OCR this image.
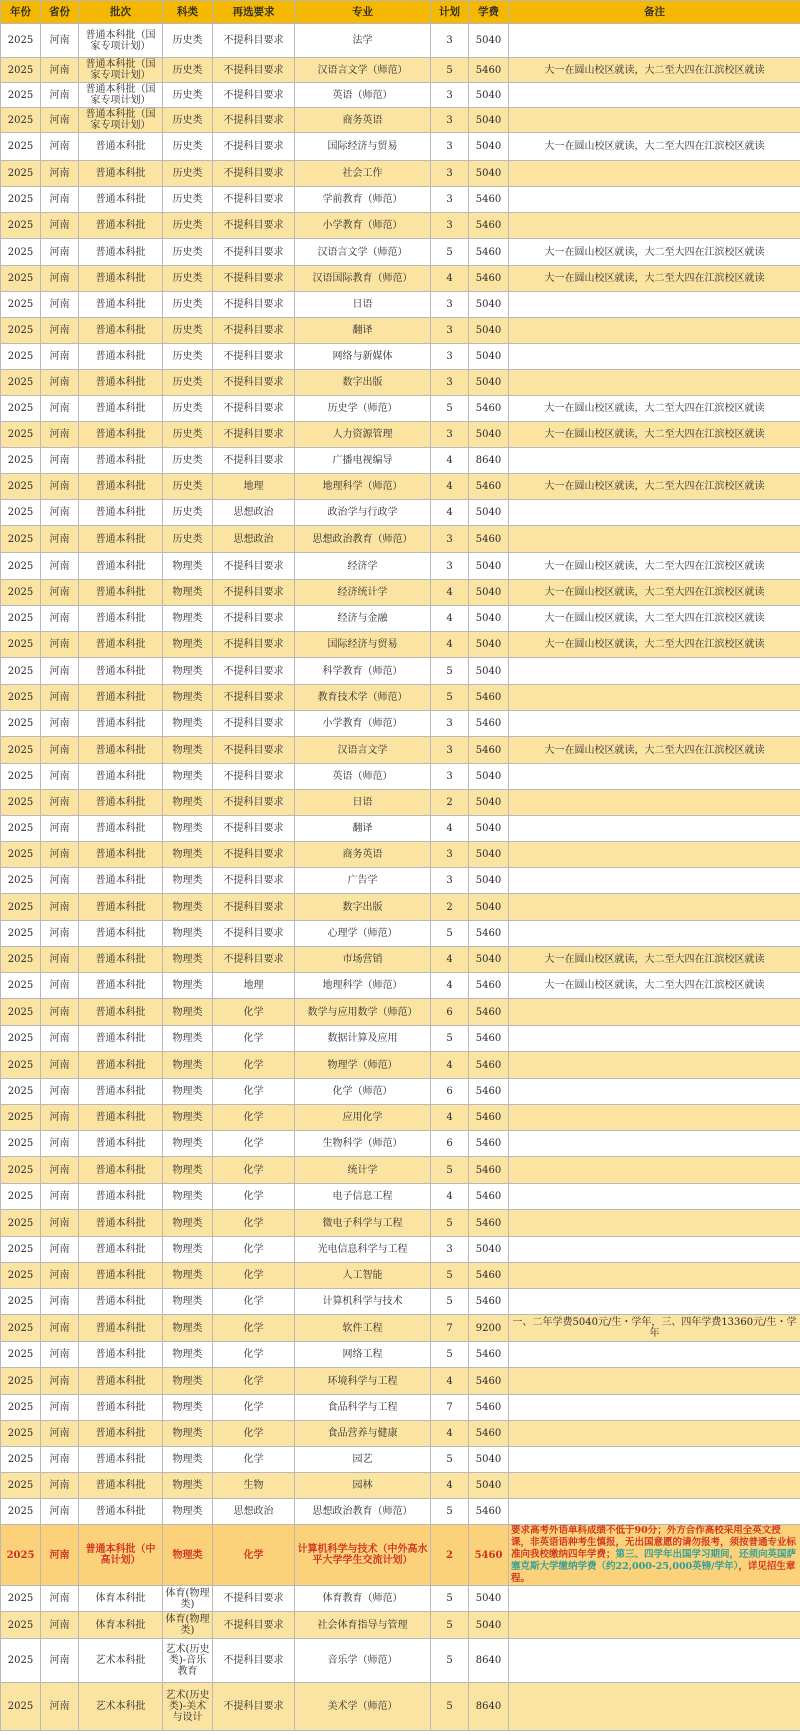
年份	省份	批次	科类	再选要求	专业	计划	学费	备注
2025	河南	普通本科批（国家专项计划）	历史类	不提科目要求	法学	3	5040	
2025	河南	普通本科批（国家专项计划）	历史类	不提科目要求	汉语言文学（师范）	5	5460	大一在圆山校区就读，大二至大四在江滨校区就读
2025	河南	普通本科批（国家专项计划）	历史类	不提科目要求	英语（师范）	3	5040	
2025	河南	普通本科批（国家专项计划）	历史类	不提科目要求	商务英语	3	5040	
2025	河南	普通本科批	历史类	不提科目要求	国际经济与贸易	3	5040	大一在圆山校区就读，大二至大四在江滨校区就读
2025	河南	普通本科批	历史类	不提科目要求	社会工作	3	5040	
2025	河南	普通本科批	历史类	不提科目要求	学前教育（师范）	3	5460	
2025	河南	普通本科批	历史类	不提科目要求	小学教育（师范）	3	5460	
2025	河南	普通本科批	历史类	不提科目要求	汉语言文学（师范）	5	5460	大一在圆山校区就读，大二至大四在江滨校区就读
2025	河南	普通本科批	历史类	不提科目要求	汉语国际教育（师范）	4	5460	大一在圆山校区就读，大二至大四在江滨校区就读
2025	河南	普通本科批	历史类	不提科目要求	日语	3	5040	
2025	河南	普通本科批	历史类	不提科目要求	翻译	3	5040	
2025	河南	普通本科批	历史类	不提科目要求	网络与新媒体	3	5040	
2025	河南	普通本科批	历史类	不提科目要求	数字出版	3	5040	
2025	河南	普通本科批	历史类	不提科目要求	历史学（师范）	5	5460	大一在圆山校区就读，大二至大四在江滨校区就读
2025	河南	普通本科批	历史类	不提科目要求	人力资源管理	3	5040	大一在圆山校区就读，大二至大四在江滨校区就读
2025	河南	普通本科批	历史类	不提科目要求	广播电视编导	4	8640	
2025	河南	普通本科批	历史类	地理	地理科学（师范）	4	5460	大一在圆山校区就读，大二至大四在江滨校区就读
2025	河南	普通本科批	历史类	思想政治	政治学与行政学	4	5040	
2025	河南	普通本科批	历史类	思想政治	思想政治教育（师范）	3	5460	
2025	河南	普通本科批	物理类	不提科目要求	经济学	3	5040	大一在圆山校区就读，大二至大四在江滨校区就读
2025	河南	普通本科批	物理类	不提科目要求	经济统计学	4	5040	大一在圆山校区就读，大二至大四在江滨校区就读
2025	河南	普通本科批	物理类	不提科目要求	经济与金融	4	5040	大一在圆山校区就读，大二至大四在江滨校区就读
2025	河南	普通本科批	物理类	不提科目要求	国际经济与贸易	4	5040	大一在圆山校区就读，大二至大四在江滨校区就读
2025	河南	普通本科批	物理类	不提科目要求	科学教育（师范）	5	5040	
2025	河南	普通本科批	物理类	不提科目要求	教育技术学（师范）	5	5460	
2025	河南	普通本科批	物理类	不提科目要求	小学教育（师范）	3	5460	
2025	河南	普通本科批	物理类	不提科目要求	汉语言文学	3	5460	大一在圆山校区就读，大二至大四在江滨校区就读
2025	河南	普通本科批	物理类	不提科目要求	英语（师范）	3	5040	
2025	河南	普通本科批	物理类	不提科目要求	日语	2	5040	
2025	河南	普通本科批	物理类	不提科目要求	翻译	4	5040	
2025	河南	普通本科批	物理类	不提科目要求	商务英语	3	5040	
2025	河南	普通本科批	物理类	不提科目要求	广告学	3	5040	
2025	河南	普通本科批	物理类	不提科目要求	数字出版	2	5040	
2025	河南	普通本科批	物理类	不提科目要求	心理学（师范）	5	5460	
2025	河南	普通本科批	物理类	不提科目要求	市场营销	4	5040	大一在圆山校区就读，大二至大四在江滨校区就读
2025	河南	普通本科批	物理类	地理	地理科学（师范）	4	5460	大一在圆山校区就读，大二至大四在江滨校区就读
2025	河南	普通本科批	物理类	化学	数学与应用数学（师范）	6	5460	
2025	河南	普通本科批	物理类	化学	数据计算及应用	5	5460	
2025	河南	普通本科批	物理类	化学	物理学（师范）	4	5460	
2025	河南	普通本科批	物理类	化学	化学（师范）	6	5460	
2025	河南	普通本科批	物理类	化学	应用化学	4	5460	
2025	河南	普通本科批	物理类	化学	生物科学（师范）	6	5460	
2025	河南	普通本科批	物理类	化学	统计学	5	5460	
2025	河南	普通本科批	物理类	化学	电子信息工程	4	5460	
2025	河南	普通本科批	物理类	化学	微电子科学与工程	5	5460	
2025	河南	普通本科批	物理类	化学	光电信息科学与工程	3	5040	
2025	河南	普通本科批	物理类	化学	人工智能	5	5460	
2025	河南	普通本科批	物理类	化学	计算机科学与技术	5	5460	
2025	河南	普通本科批	物理类	化学	软件工程	7	9200	一、二年学费5040元/生・学年，三、四年学费13360元/生・学年
2025	河南	普通本科批	物理类	化学	网络工程	5	5460	
2025	河南	普通本科批	物理类	化学	环境科学与工程	4	5460	
2025	河南	普通本科批	物理类	化学	食品科学与工程	7	5460	
2025	河南	普通本科批	物理类	化学	食品营养与健康	4	5460	
2025	河南	普通本科批	物理类	化学	园艺	5	5040	
2025	河南	普通本科批	物理类	生物	园林	4	5040	
2025	河南	普通本科批	物理类	思想政治	思想政治教育（师范）	5	5460	
2025	河南	普通本科批（中高计划）	物理类	化学	计算机科学与技术（中外高水平大学学生交流计划）	2	5460	要求高考外语单科成绩不低于90分；外方合作高校采用全英文授课，非英语语种考生慎报，无出国意愿的请勿报考，须按普通专业标准向我校缴纳四年学费；第三、四学年出国学习期间，还须向英国萨塞克斯大学缴纳学费（约22,000-25,000英镑/学年），详见招生章程。
2025	河南	体育本科批	体育(物理类)	不提科目要求	体育教育（师范）	5	5040	
2025	河南	体育本科批	体育(物理类)	不提科目要求	社会体育指导与管理	5	5040	
2025	河南	艺术本科批	艺术(历史类)-音乐教育	不提科目要求	音乐学（师范）	5	8640	
2025	河南	艺术本科批	艺术(历史类)-美术与设计	不提科目要求	美术学（师范）	5	8640	
